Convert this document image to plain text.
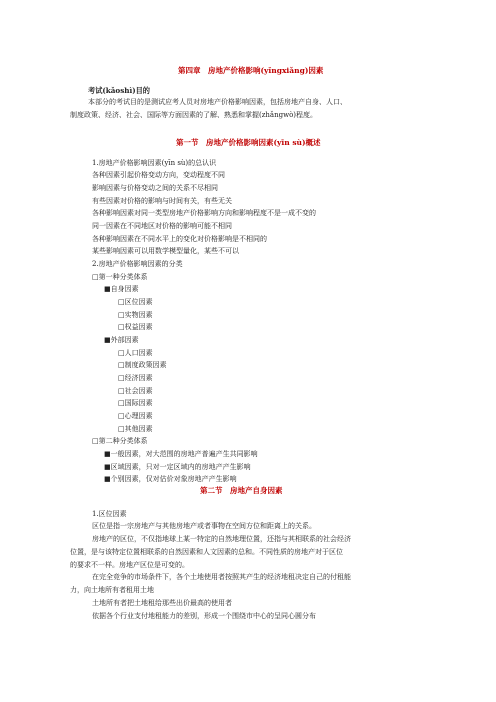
第四章　房地产价格影响(yǐngxiǎng)因素
考试(kǎoshì)目的
本部分的考试目的是测试应考人员对房地产价格影响因素，包括房地产自身、人口、
制度政策、经济、社会、国际等方面因素的了解、熟悉和掌握(zhǎngwò)程度。
第一节　房地产价格影响因素(yīn sù)概述
1.房地产价格影响因素(yīn sù)的总认识
各种因素引起价格变动方向，变动程度不同
影响因素与价格变动之间的关系不尽相同
有些因素对价格的影响与时间有关，有些无关
各种影响因素对同一类型房地产价格影响方向和影响程度不是一成不变的
同一因素在不同地区对价格的影响可能不相同
各种影响因素在不同水平上的变化对价格影响是不相同的
某些影响因素可以用数学模型量化，某些不可以
2.房地产价格影响因素的分类
□第一种分类体系
■自身因素
□区位因素
□实物因素
□权益因素
■外部因素
□人口因素
□制度政策因素
□经济因素
□社会因素
□国际因素
□心理因素
□其他因素
□第二种分类体系
■一般因素，对大范围的房地产普遍产生共同影响
■区域因素，只对一定区域内的房地产产生影响
■个别因素，仅对估价对象房地产产生影响
第二节　房地产自身因素
1.区位因素
区位是指一宗房地产与其他房地产或者事物在空间方位和距离上的关系。
房地产的区位，不仅指地球上某一特定的自然地理位置，还指与其相联系的社会经济
位置，是与该特定位置相联系的自然因素和人文因素的总和。不同性质的房地产对于区位
的要求不一样。房地产区位是可变的。
在完全竞争的市场条件下，各个土地使用者按照其产生的经济地租决定自己的付租能
力，向土地所有者租用土地
土地所有者把土地租给那些出价最高的使用者
依据各个行业支付地租能力的差别，形成一个围绕市中心的呈同心圆分布
